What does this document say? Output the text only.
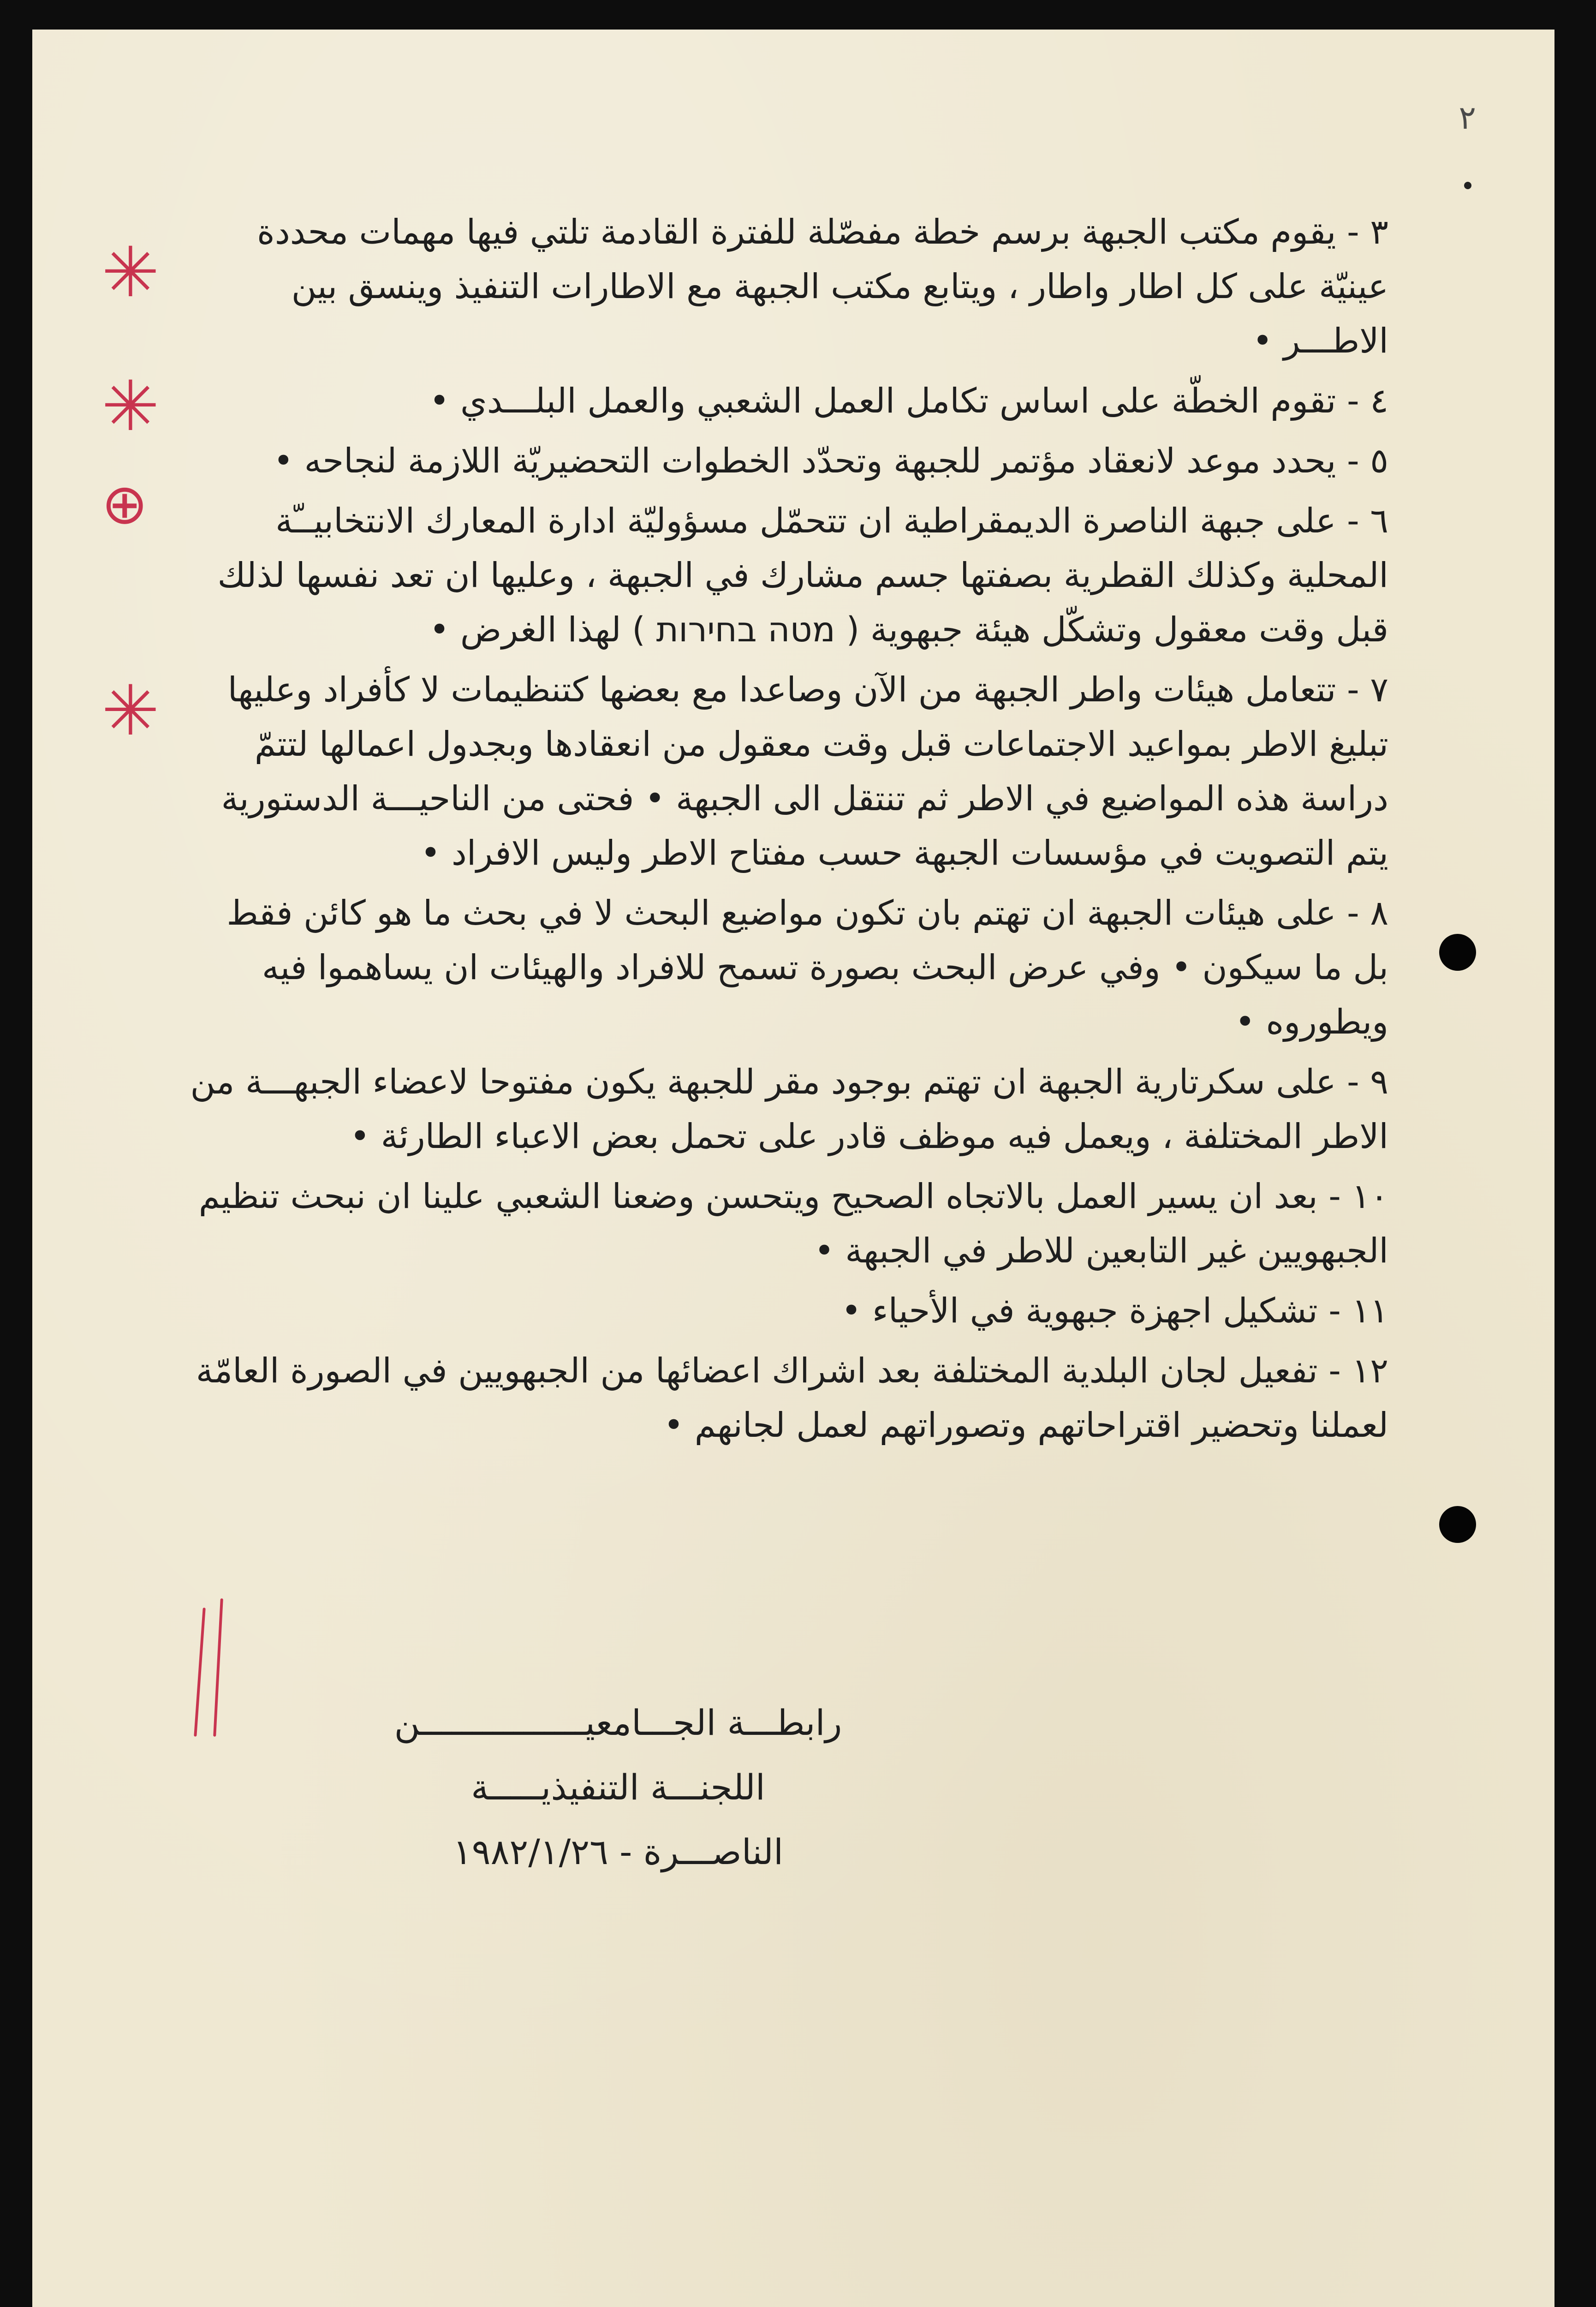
٢
✳
✳
⊕
✳

٣ - يقوم مكتب الجبهة برسم خطة مفصّلة للفترة القادمة تلتي فيها مهمات محددة عينيّة على كل اطار واطار ، ويتابع مكتب الجبهة مع الاطارات التنفيذ وينسق بين الاطـــر •

٤ - تقوم الخطّة على اساس تكامل العمل الشعبي والعمل البلـــدي •

٥ - يحدد موعد لانعقاد مؤتمر للجبهة وتحدّد الخطوات التحضيريّة اللازمة لنجاحه •

٦ - على جبهة الناصرة الديمقراطية ان تتحمّل مسؤوليّة ادارة المعارك الانتخابيــّة المحلية وكذلك القطرية بصفتها جسم مشارك في الجبهة ، وعليها ان تعد نفسها لذلك قبل وقت معقول وتشكّل هيئة جبهوية ( מטה בחירות ) لهذا الغرض •

٧ - تتعامل هيئات واطر الجبهة من الآن وصاعدا مع بعضها كتنظيمات لا كأفراد وعليها تبليغ الاطر بمواعيد الاجتماعات قبل وقت معقول من انعقادها وبجدول اعمالها لتتمّ دراسة هذه المواضيع في الاطر ثم تنتقل الى الجبهة • فحتى من الناحيـــة الدستورية يتم التصويت في مؤسسات الجبهة حسب مفتاح الاطر وليس الافراد •

٨ - على هيئات الجبهة ان تهتم بان تكون مواضيع البحث لا في بحث ما هو كائن فقط بل ما سيكون • وفي عرض البحث بصورة تسمح للافراد والهيئات ان يساهموا فيه ويطوروه •

٩ - على سكرتارية الجبهة ان تهتم بوجود مقر للجبهة يكون مفتوحا لاعضاء الجبهـــة من الاطر المختلفة ، ويعمل فيه موظف قادر على تحمل بعض الاعباء الطارئة •

١٠ - بعد ان يسير العمل بالاتجاه الصحيح ويتحسن وضعنا الشعبي علينا ان نبحث تنظيم الجبهويين غير التابعين للاطر في الجبهة •

١١ - تشكيل اجهزة جبهوية في الأحياء •

١٢ - تفعيل لجان البلدية المختلفة بعد اشراك اعضائها من الجبهويين في الصورة العامّة لعملنا وتحضير اقتراحاتهم وتصوراتهم لعمل لجانهم •

رابطـــة الجـــامعيــــــــــــــــن
اللجنـــة التنفيذيـــــة
الناصـــرة - ١٩٨٢/١/٢٦
